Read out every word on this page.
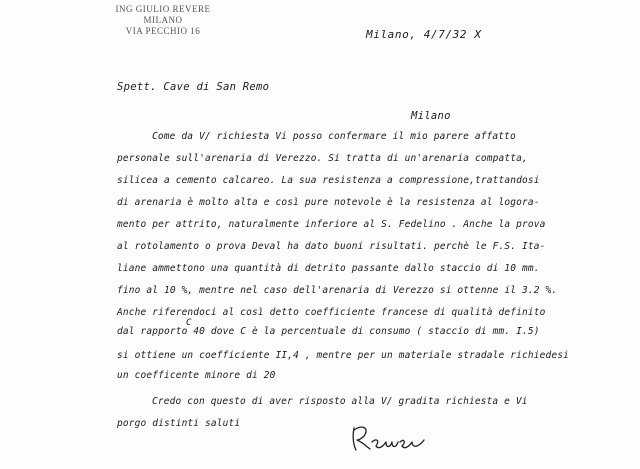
ING GIULIO REVERE
MILANO
VIA PECCHIO 16	Milano, 4/7/32 X
Spett. Cave di San Remo
Milano
Come da V/ richiesta Vi posso confermare il mio parere affatto
personale sull'arenaria di Verezzo. Si tratta di un'arenaria compatta,
silicea a cemento calcareo. La sua resistenza a compressione,trattandosi
di arenaria è molto alta e così pure notevole è la resistenza al logora-
mento per attrito, naturalmente inferiore al S. Fedelino . Anche la prova
al rotolamento o prova Deval ha dato buoni risultati. perchè le F.S. Ita-
liane ammettono una quantità di detrito passante dallo staccio di 10 mm.
fino al 10 %, mentre nel caso dell'arenaria di Verezzo si ottenne il 3.2 %.
Anche riferendoci al così detto coefficiente francese di qualità definito
dal rapporto 40 dove C è la percentuale di consumo ( staccio di mm. I.5)
C
si ottiene un coefficiente II,4 , mentre per un materiale stradale richiedesi
un coefficente minore di 20
Credo con questo di aver risposto alla V/ gradita richiesta e Vi
porgo distinti saluti
